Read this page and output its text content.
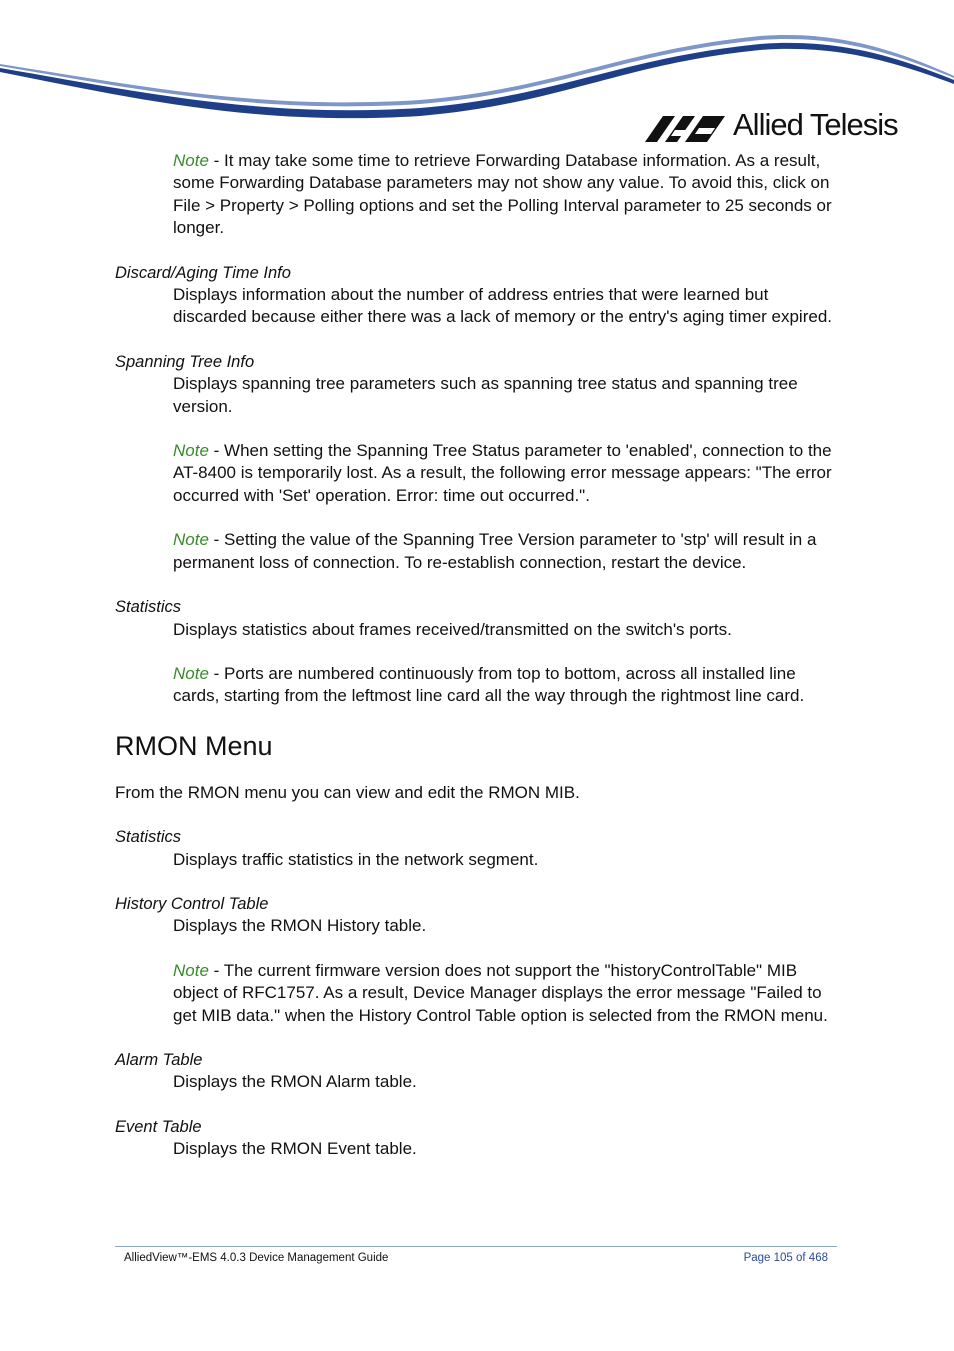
Allied Telesis

Note - It may take some time to retrieve Forwarding Database information. As a result, some Forwarding Database parameters may not show any value. To avoid this, click on File > Property > Polling options and set the Polling Interval parameter to 25 seconds or longer.

Discard/Aging Time Info

Displays information about the number of address entries that were learned but discarded because either there was a lack of memory or the entry's aging timer expired.

Spanning Tree Info

Displays spanning tree parameters such as spanning tree status and spanning tree version.

Note - When setting the Spanning Tree Status parameter to 'enabled', connection to the AT-8400 is temporarily lost. As a result, the following error message appears: "The error occurred with 'Set' operation. Error: time out occurred.".

Note - Setting the value of the Spanning Tree Version parameter to 'stp' will result in a permanent loss of connection. To re-establish connection, restart the device.

Statistics

Displays statistics about frames received/transmitted on the switch's ports.

Note - Ports are numbered continuously from top to bottom, across all installed line cards, starting from the leftmost line card all the way through the rightmost line card.

RMON Menu

From the RMON menu you can view and edit the RMON MIB.

Statistics

Displays traffic statistics in the network segment.

History Control Table

Displays the RMON History table.

Note - The current firmware version does not support the "historyControlTable" MIB object of RFC1757. As a result, Device Manager displays the error message "Failed to get MIB data." when the History Control Table option is selected from the RMON menu.

Alarm Table

Displays the RMON Alarm table.

Event Table

Displays the RMON Event table.

AlliedView™-EMS 4.0.3 Device Management Guide	Page 105 of 468
